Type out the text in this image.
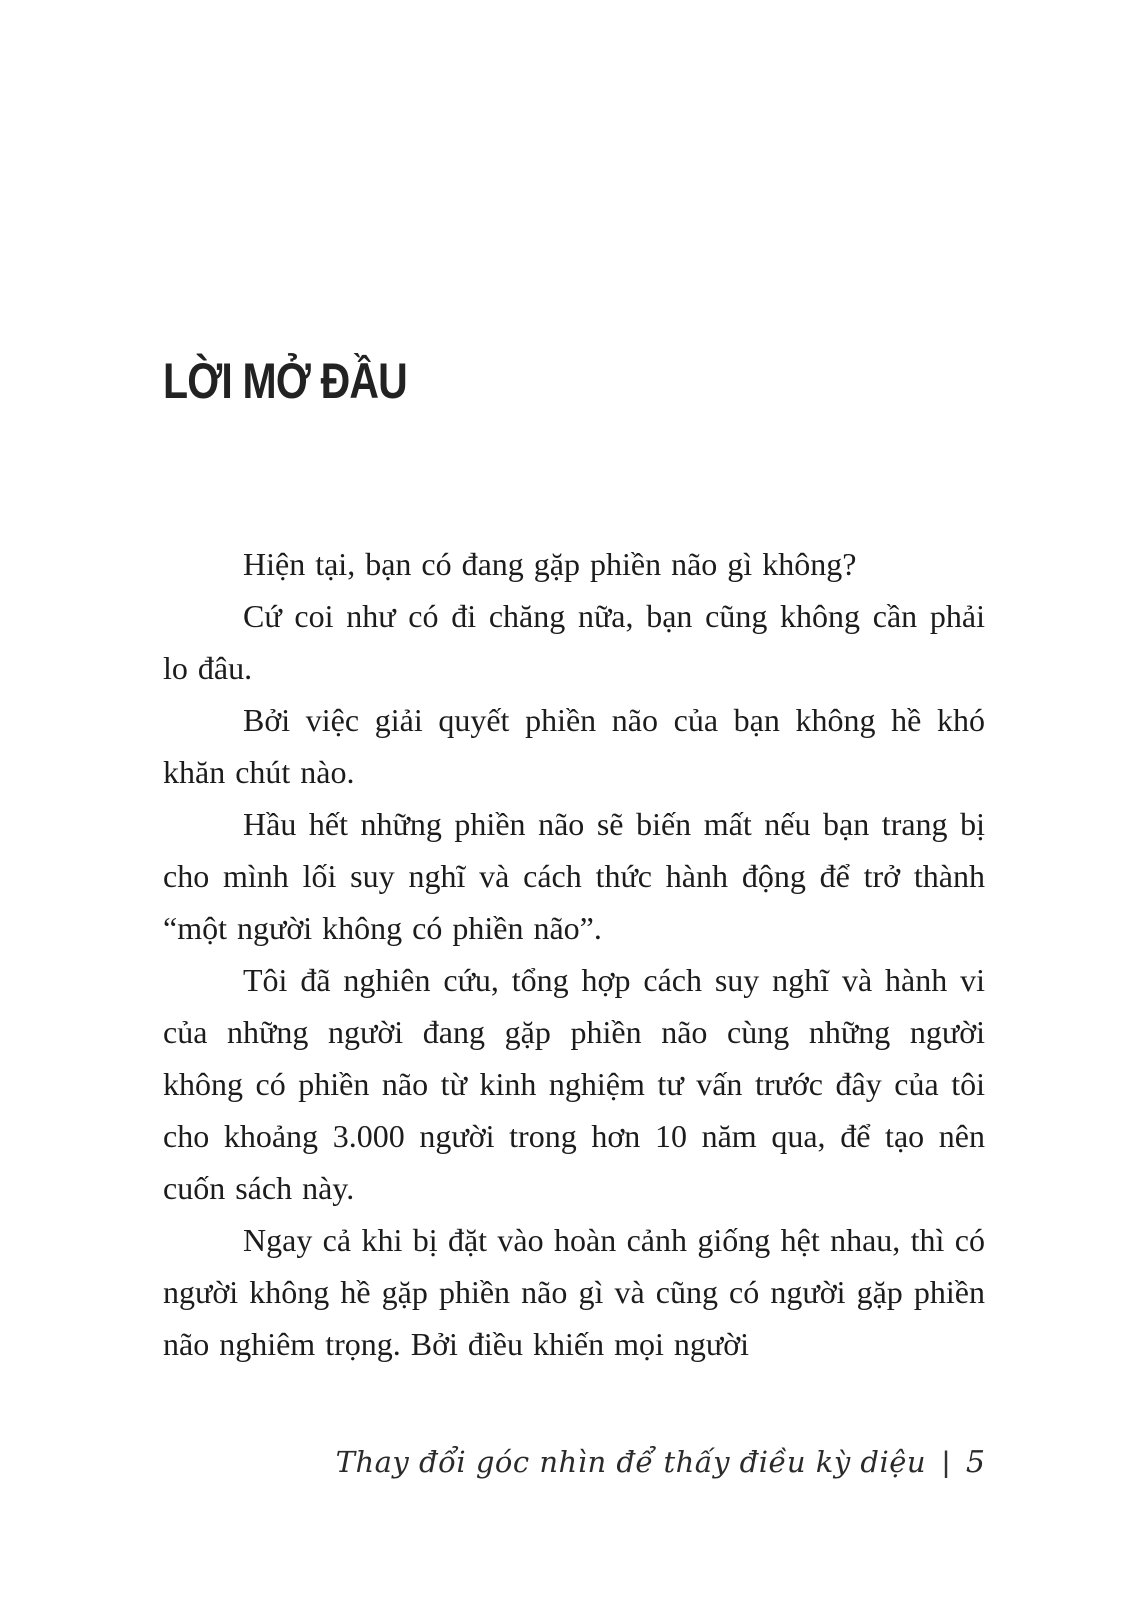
LỜI MỞ ĐẦU

Hiện tại, bạn có đang gặp phiền não gì không?

Cứ coi như có đi chăng nữa, bạn cũng không cần phải lo đâu.

Bởi việc giải quyết phiền não của bạn không hề khó khăn chút nào.

Hầu hết những phiền não sẽ biến mất nếu bạn trang bị cho mình lối suy nghĩ và cách thức hành động để trở thành “một người không có phiền não”.

Tôi đã nghiên cứu, tổng hợp cách suy nghĩ và hành vi của những người đang gặp phiền não cùng những người không có phiền não từ kinh nghiệm tư vấn trước đây của tôi cho khoảng 3.000 người trong hơn 10 năm qua, để tạo nên cuốn sách này.

Ngay cả khi bị đặt vào hoàn cảnh giống hệt nhau, thì có người không hề gặp phiền não gì và cũng có người gặp phiền não nghiêm trọng. Bởi điều khiến mọi người

Thay đổi góc nhìn để thấy điều kỳ diệu | 5
